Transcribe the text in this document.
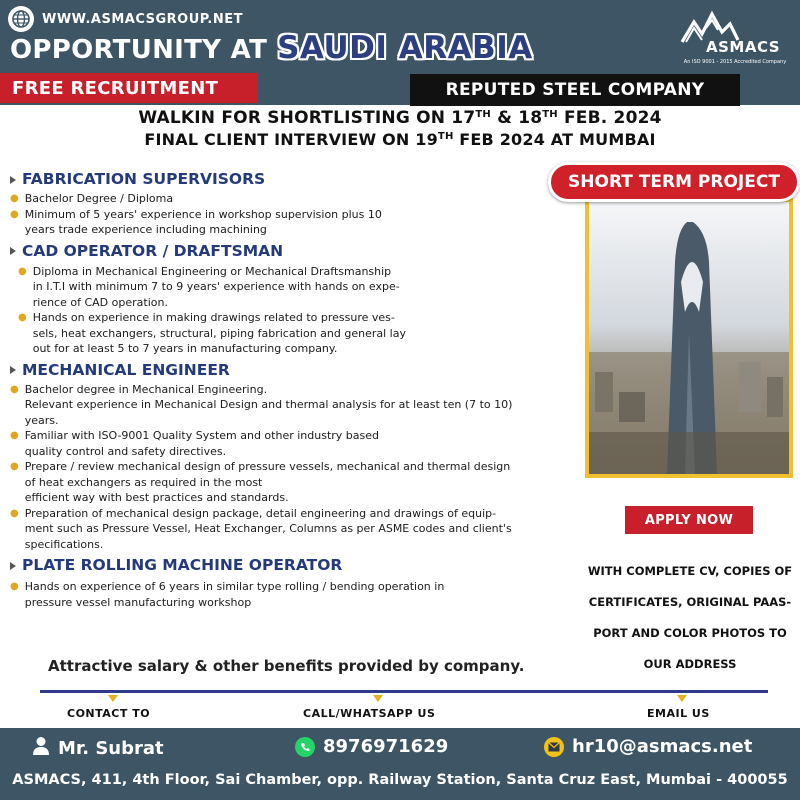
WWW.ASMACSGROUP.NET
OPPORTUNITY AT SAUDI ARABIA	ASMACS
An ISO 9001 - 2015 Accredited Company
FREE RECRUITMENT	REPUTED STEEL COMPANY
WALKIN FOR SHORTLISTING ON 17TH & 18TH FEB. 2024
FINAL CLIENT INTERVIEW ON 19TH FEB 2024 AT MUMBAI
FABRICATION SUPERVISORS
● Bachelor Degree / Diploma
● Minimum of 5 years' experience in workshop supervision plus 10
years trade experience including machining
CAD OPERATOR / DRAFTSMAN
● Diploma in Mechanical Engineering or Mechanical Draftsmanship
in I.T.I with minimum 7 to 9 years' experience with hands on expe-
rience of CAD operation.
● Hands on experience in making drawings related to pressure ves-
sels, heat exchangers, structural, piping fabrication and general lay
out for at least 5 to 7 years in manufacturing company.
MECHANICAL ENGINEER
● Bachelor degree in Mechanical Engineering.
Relevant experience in Mechanical Design and thermal analysis for at least ten (7 to 10)
years.
● Familiar with ISO-9001 Quality System and other industry based
quality control and safety directives.
● Prepare / review mechanical design of pressure vessels, mechanical and thermal design
of heat exchangers as required in the most
efficient way with best practices and standards.
● Preparation of mechanical design package, detail engineering and drawings of equip-
ment such as Pressure Vessel, Heat Exchanger, Columns as per ASME codes and client's
specifications.
PLATE ROLLING MACHINE OPERATOR
● Hands on experience of 6 years in similar type rolling / bending operation in
pressure vessel manufacturing workshop
SHORT TERM PROJECT
APPLY NOW
WITH COMPLETE CV, COPIES OF CERTIFICATES, ORIGINAL PAAS-
PORT AND COLOR PHOTOS TO
OUR ADDRESS
Attractive salary & other benefits provided by company.
CONTACT TO	CALL/WHATSAPP US	EMAIL US
Mr. Subrat	8976971629	hr10@asmacs.net
ASMACS, 411, 4th Floor, Sai Chamber, opp. Railway Station, Santa Cruz East, Mumbai - 400055
